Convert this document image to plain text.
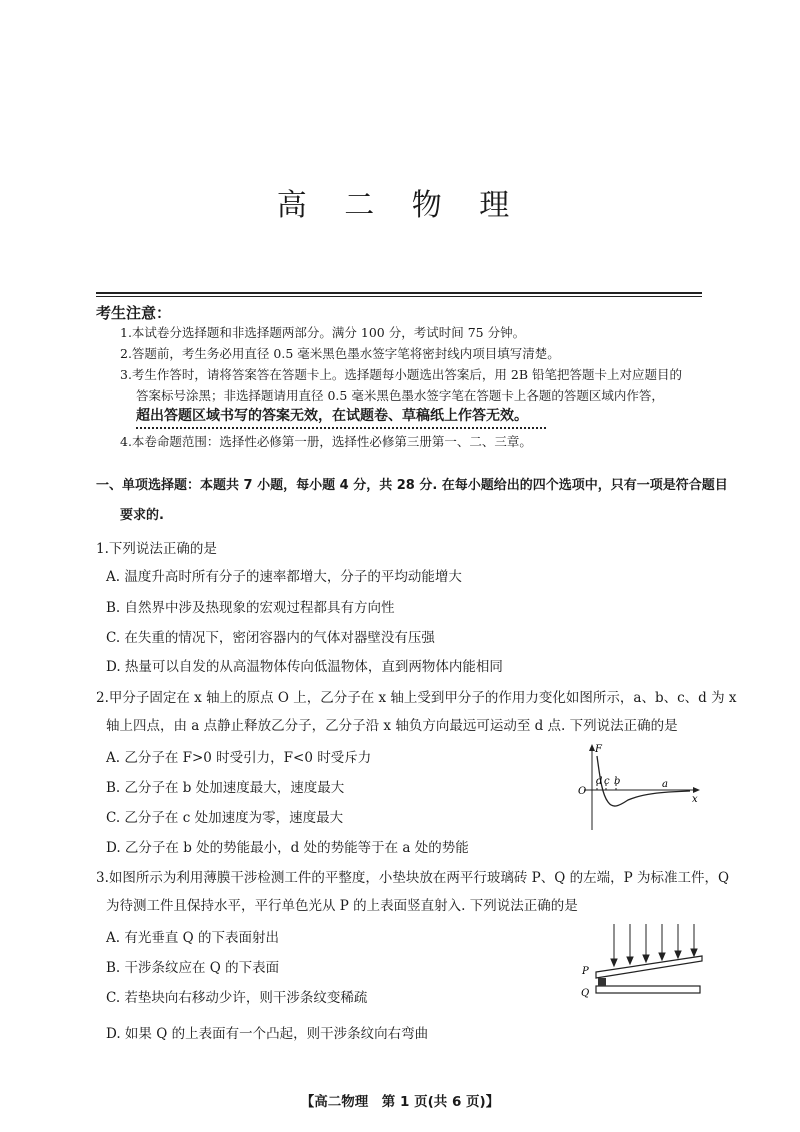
高 二 物 理
考生注意：
1.本试卷分选择题和非选择题两部分。满分 100 分，考试时间 75 分钟。
2.答题前，考生务必用直径 0.5 毫米黑色墨水签字笔将密封线内项目填写清楚。
3.考生作答时，请将答案答在答题卡上。选择题每小题选出答案后，用 2B 铅笔把答题卡上对应题目的
答案标号涂黑；非选择题请用直径 0.5 毫米黑色墨水签字笔在答题卡上各题的答题区域内作答，
超出答题区域书写的答案无效，在试题卷、草稿纸上作答无效。
4.本卷命题范围：选择性必修第一册，选择性必修第三册第一、二、三章。
一、单项选择题：本题共 7 小题，每小题 4 分，共 28 分. 在每小题给出的四个选项中，只有一项是符合题目
要求的.
1.下列说法正确的是
A. 温度升高时所有分子的速率都增大，分子的平均动能增大
B. 自然界中涉及热现象的宏观过程都具有方向性
C. 在失重的情况下，密闭容器内的气体对器壁没有压强
D. 热量可以自发的从高温物体传向低温物体，直到两物体内能相同
2.甲分子固定在 x 轴上的原点 O 上，乙分子在 x 轴上受到甲分子的作用力变化如图所示，a、b、c、d 为 x
轴上四点，由 a 点静止释放乙分子，乙分子沿 x 轴负方向最远可运动至 d 点. 下列说法正确的是
A. 乙分子在 F>0 时受引力，F<0 时受斥力
B. 乙分子在 b 处加速度最大，速度最大
C. 乙分子在 c 处加速度为零，速度最大
D. 乙分子在 b 处的势能最小，d 处的势能等于在 a 处的势能
F
O
x
d c b	a
3.如图所示为利用薄膜干涉检测工件的平整度，小垫块放在两平行玻璃砖 P、Q 的左端，P 为标准工件，Q
为待测工件且保持水平，平行单色光从 P 的上表面竖直射入. 下列说法正确的是
A. 有光垂直 Q 的下表面射出
B. 干涉条纹应在 Q 的下表面
C. 若垫块向右移动少许，则干涉条纹变稀疏
D. 如果 Q 的上表面有一个凸起，则干涉条纹向右弯曲
P
Q
【高二物理　第 1 页(共 6 页)】
